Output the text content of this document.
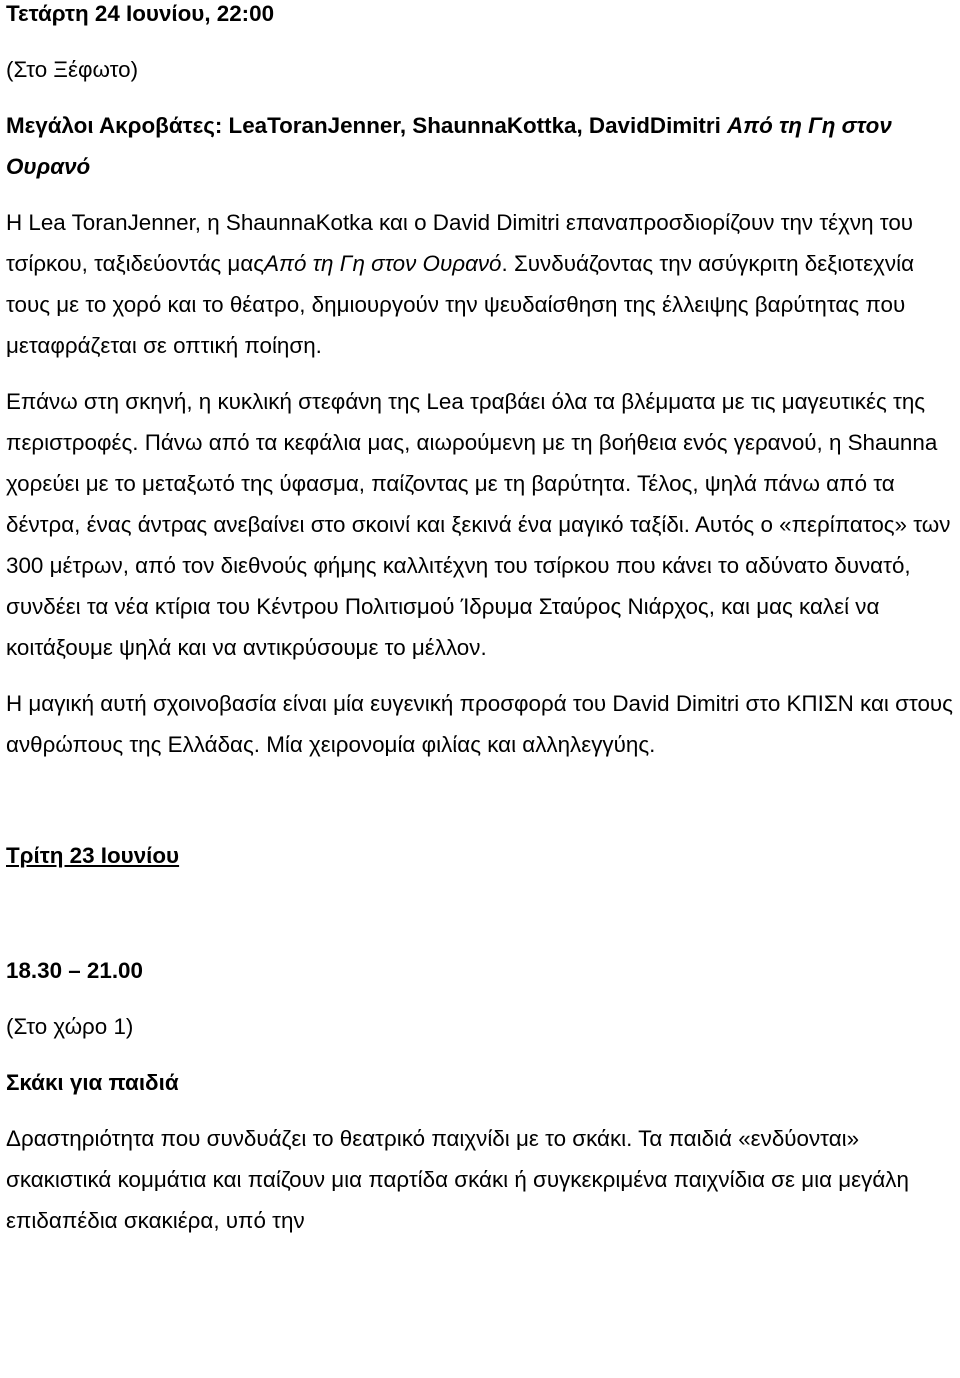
Τετάρτη 24 Ιουνίου, 22:00

(Στο Ξέφωτο)

Μεγάλοι Ακροβάτες: LeaToranJenner, ShaunnaKottka, DavidDimitri Από τη Γη στον Ουρανό

H Lea ToranJenner, η ShaunnaKotka και ο David Dimitri επαναπροσδιορίζουν την τέχνη του τσίρκου, ταξιδεύοντάς μαςΑπό τη Γη στον Ουρανό. Συνδυάζοντας την ασύγκριτη δεξιοτεχνία τους με το χορό και το θέατρο, δημιουργούν την ψευδαίσθηση της έλλειψης βαρύτητας που μεταφράζεται σε οπτική ποίηση.

Επάνω στη σκηνή, η κυκλική στεφάνη της Lea τραβάει όλα τα βλέμματα με τις μαγευτικές της περιστροφές. Πάνω από τα κεφάλια μας, αιωρούμενη με τη βοήθεια ενός γερανού, η Shaunna χορεύει με το μεταξωτό της ύφασμα, παίζοντας με τη βαρύτητα. Τέλος, ψηλά πάνω από τα δέντρα, ένας άντρας ανεβαίνει στο σκοινί και ξεκινά ένα μαγικό ταξίδι. Αυτός ο «περίπατος» των 300 μέτρων, από τον διεθνούς φήμης καλλιτέχνη του τσίρκου που κάνει το αδύνατο δυνατό, συνδέει τα νέα κτίρια του Κέντρου Πολιτισμού Ίδρυμα Σταύρος Νιάρχος, και μας καλεί να κοιτάξουμε ψηλά και να αντικρύσουμε το μέλλον.

Η μαγική αυτή σχοινοβασία είναι μία ευγενική προσφορά του David Dimitri στο ΚΠΙΣΝ και στους ανθρώπους της Ελλάδας. Μία χειρονομία φιλίας και αλληλεγγύης.

Τρίτη 23 Ιουνίου

18.30 – 21.00

(Στο χώρο 1)

Σκάκι για παιδιά

Δραστηριότητα που συνδυάζει το θεατρικό παιχνίδι με το σκάκι. Τα παιδιά «ενδύονται» σκακιστικά κομμάτια και παίζουν μια παρτίδα σκάκι ή συγκεκριμένα παιχνίδια σε μια μεγάλη επιδαπέδια σκακιέρα, υπό την
